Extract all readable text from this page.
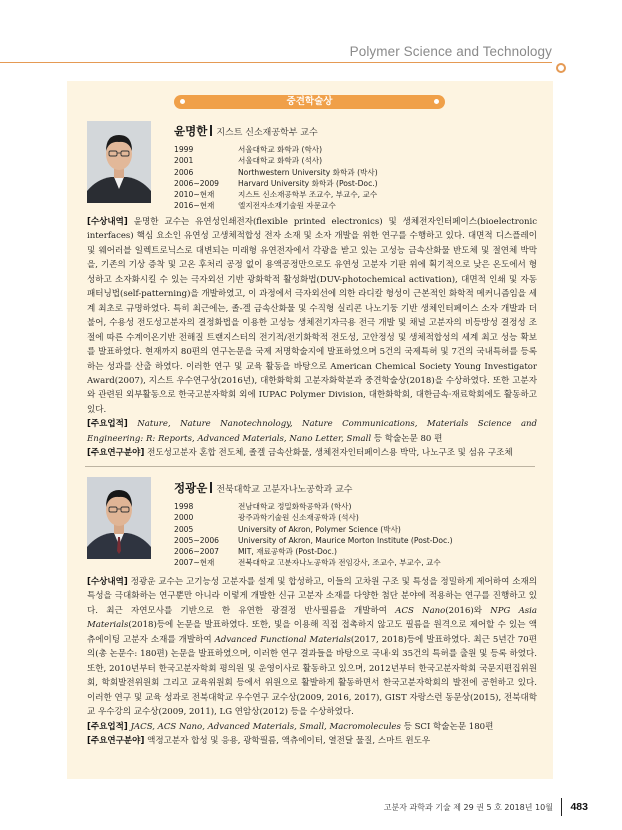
Polymer Science and Technology
중견학술상
윤명한 지스트 신소재공학부 교수
1999	서울대학교 화학과 (학사)
2001	서울대학교 화학과 (석사)
2006	Northwestern University 화학과 (박사)
2006~2009	Harvard University 화학과 (Post-Doc.)
2010~현재	지스트 신소재공학부 조교수, 부교수, 교수
2016~현재	엘지전자소재기술원 자문교수

[수상내역] 윤명한 교수는 유연성인쇄전자(flexible printed electronics) 및 생체전자인터페이스(bioelectronic interfaces) 핵심 요소인 유연성 고생체적합성 전자 소재 및 소자 개발을 위한 연구를 수행하고 있다. 대면적 디스플레이 및 웨어러블 일렉트로닉스로 대변되는 미래형 유연전자에서 각광을 받고 있는 고성능 금속산화물 반도체 및 절연체 박막을, 기존의 기상 증착 및 고온 후처리 공정 없이 용액공정만으로도 유연성 고분자 기판 위에 획기적으로 낮은 온도에서 형성하고 소자화시킬 수 있는 극자외선 기반 광화학적 활성화법(DUV-photochemical activation), 대면적 인쇄 및 자동패터닝법(self-patterning)을 개발하였고, 이 과정에서 극자외선에 의한 라디칼 형성이 근본적인 화학적 메커니즘임을 세계 최초로 규명하였다. 특히 최근에는, 졸-겔 금속산화물 및 수직형 실리콘 나노기둥 기반 생체인터페이스 소자 개발과 더불어, 수용성 전도성고분자의 결정화법을 이용한 고성능 생체전기자극용 전극 개발 및 채널 고분자의 비등방성 결정성 조절에 따른 수계이온기반 전해질 트랜지스터의 전기적/전기화학적 전도성, 고안정성 및 생체적합성의 세계 최고 성능 확보를 발표하였다. 현재까지 80편의 연구논문을 국제 저명학술지에 발표하였으며 5건의 국제특허 및 7건의 국내특허를 등록하는 성과를 산출 하였다. 이러한 연구 및 교육 활동을 바탕으로 American Chemical Society Young Investigator Award(2007), 지스트 우수연구상(2016년), 대한화학회 고분자화학분과 중견학술상(2018)을 수상하였다. 또한 고분자와 관련된 외부활동으로 한국고분자학회 외에 IUPAC Polymer Division, 대한화학회, 대한금속·재료학회에도 활동하고 있다.

[주요업적] Nature, Nature Nanotechnology, Nature Communications, Materials Science and Engineering: R: Reports, Advanced Materials, Nano Letter, Small 등 학술논문 80 편

[주요연구분야] 전도성고분자 혼합 전도체, 졸겔 금속산화물, 생체전자인터페이스용 박막, 나노구조 및 섬유 구조체

정광운 전북대학교 고분자나노공학과 교수
1998	전남대학교 정밀화학공학과 (학사)
2000	광주과학기술원 신소재공학과 (석사)
2005	University of Akron, Polymer Science (박사)
2005~2006	University of Akron, Maurice Morton Institute (Post-Doc.)
2006~2007	MIT, 재료공학과 (Post-Doc.)
2007~현재	전북대학교 고분자나노공학과 전임강사, 조교수, 부교수, 교수

[수상내역] 정광운 교수는 고기능성 고분자를 설계 및 합성하고, 이들의 고차원 구조 및 특성을 정밀하게 제어하여 소재의 특성을 극대화하는 연구뿐만 아니라 이렇게 개발한 신규 고분자 소재를 다양한 첨단 분야에 적용하는 연구를 진행하고 있다. 최근 자연모사를 기반으로 한 유연한 광결정 반사필름을 개발하여 ACS Nano(2016)와 NPG Asia Materials(2018)등에 논문을 발표하였다. 또한, 빛을 이용해 직접 접촉하지 않고도 필름을 원격으로 제어할 수 있는 액츄에이팅 고분자 소재를 개발하여 Advanced Functional Materials(2017, 2018)등에 발표하였다. 최근 5년간 70편의(총 논문수: 180편) 논문을 발표하였으며, 이러한 연구 결과들을 바탕으로 국내·외 35건의 특허를 출원 및 등록 하였다. 또한, 2010년부터 한국고분자학회 평의원 및 운영이사로 활동하고 있으며, 2012년부터 한국고분자학회 국문지편집위원회, 학회발전위원회 그리고 교육위원회 등에서 위원으로 활발하게 활동하면서 한국고분자학회의 발전에 공헌하고 있다. 이러한 연구 및 교육 성과로 전북대학교 우수연구 교수상(2009, 2016, 2017), GIST 자랑스런 동문상(2015), 전북대학교 우수강의 교수상(2009, 2011), LG 연암상(2012) 등을 수상하였다.

[주요업적] JACS, ACS Nano, Advanced Materials, Small, Macromolecules 등 SCI 학술논문 180편

[주요연구분야] 액정고분자 합성 및 응용, 광학필름, 액츄에이터, 열전달 물질, 스마트 윈도우

고분자 과학과 기술 제 29 권 5 호 2018년 10월 483
